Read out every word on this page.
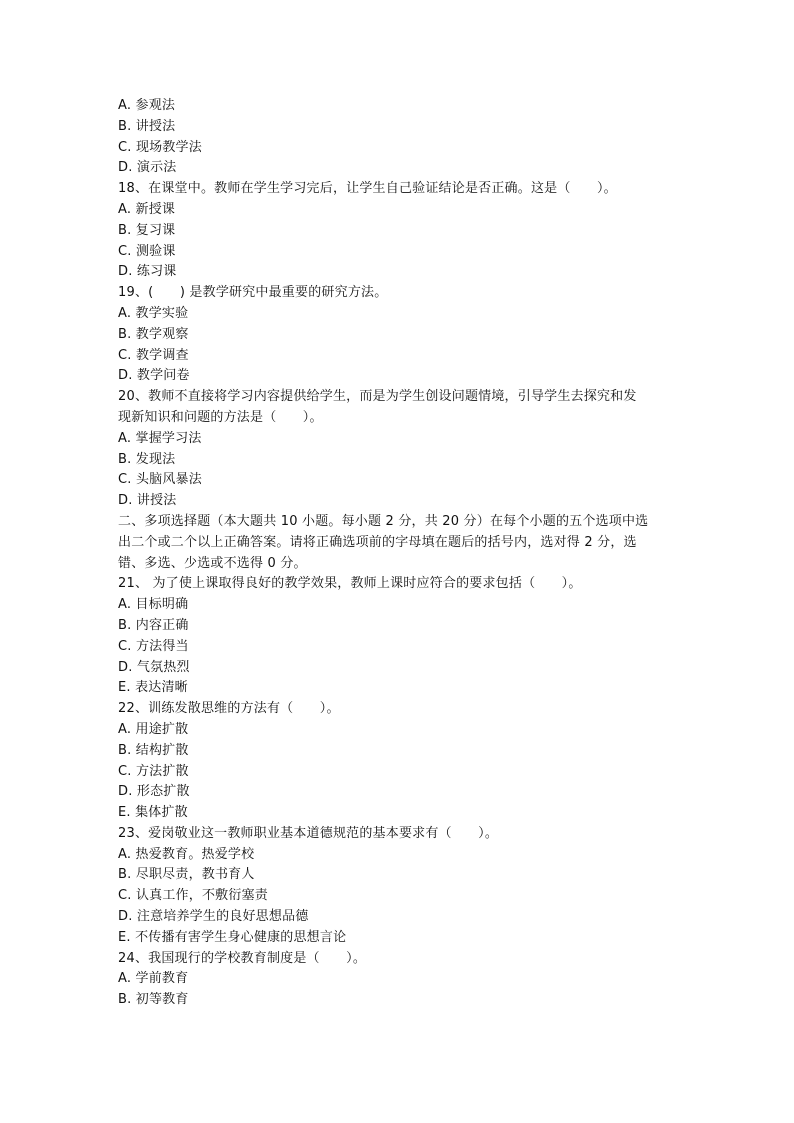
A. 参观法
B. 讲授法
C. 现场教学法
D. 演示法
18、在课堂中。教师在学生学习完后，让学生自己验证结论是否正确。这是（　　）。
A. 新授课
B. 复习课
C. 测验课
D. 练习课
19、(　　) 是教学研究中最重要的研究方法。
A. 教学实验
B. 教学观察
C. 教学调查
D. 教学问卷
20、教师不直接将学习内容提供给学生，而是为学生创设问题情境，引导学生去探究和发
现新知识和问题的方法是（　　）。
A. 掌握学习法
B. 发现法
C. 头脑风暴法
D. 讲授法
二、多项选择题（本大题共 10 小题。每小题 2 分，共 20 分）在每个小题的五个选项中选
出二个或二个以上正确答案。请将正确选项前的字母填在题后的括号内，选对得 2 分，选
错、多选、少选或不选得 0 分。
21、 为了使上课取得良好的教学效果，教师上课时应符合的要求包括（　　）。
A. 目标明确
B. 内容正确
C. 方法得当
D. 气氛热烈
E. 表达清晰
22、训练发散思维的方法有（　　）。
A. 用途扩散
B. 结构扩散
C. 方法扩散
D. 形态扩散
E. 集体扩散
23、爱岗敬业这一教师职业基本道德规范的基本要求有（　　）。
A. 热爱教育。热爱学校
B. 尽职尽责，教书育人
C. 认真工作，不敷衍塞责
D. 注意培养学生的良好思想品德
E. 不传播有害学生身心健康的思想言论
24、我国现行的学校教育制度是（　　）。
A. 学前教育
B. 初等教育
